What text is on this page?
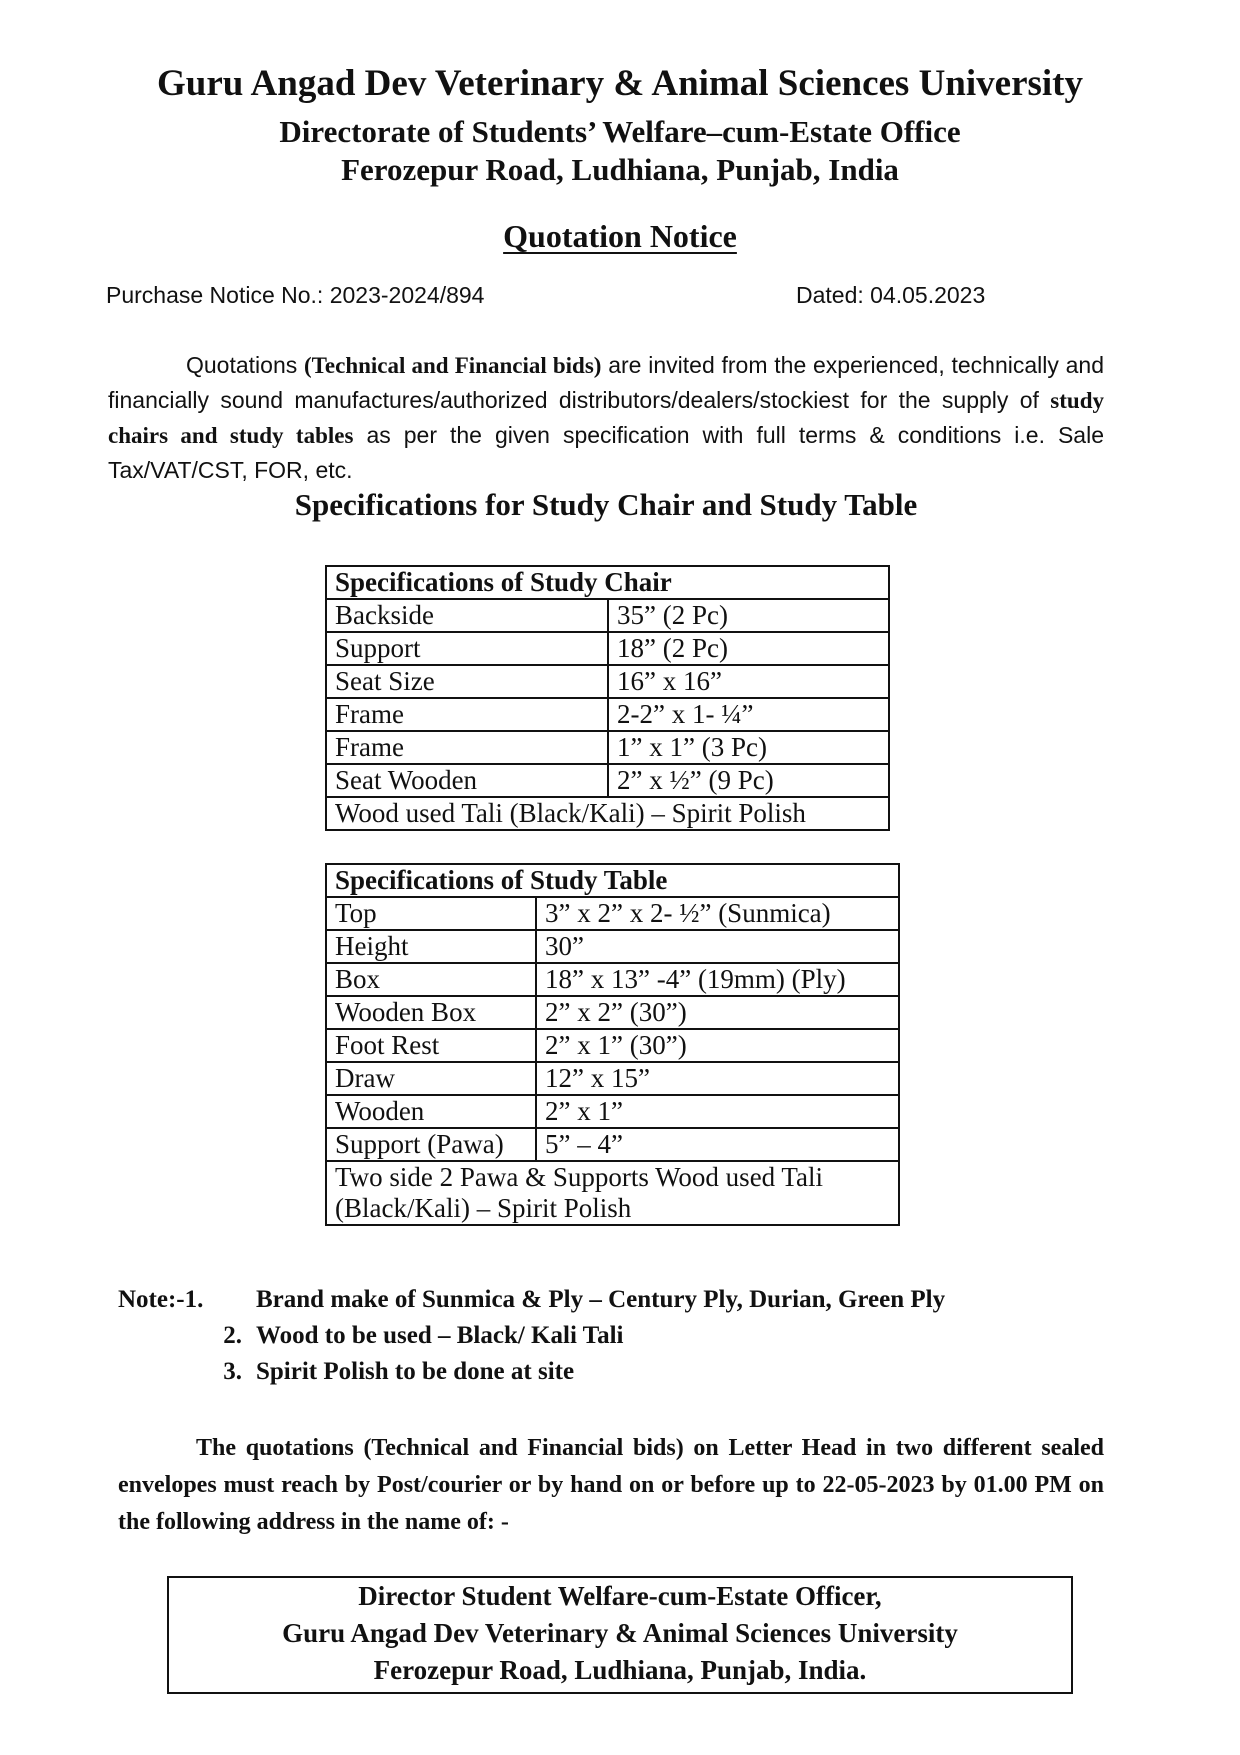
Guru Angad Dev Veterinary & Animal Sciences University
Directorate of Students’ Welfare–cum-Estate Office
Ferozepur Road, Ludhiana, Punjab, India
Quotation Notice
Purchase Notice No.: 2023-2024/894	Dated: 04.05.2023
Quotations (Technical and Financial bids) are invited from the experienced, technically and financially sound manufactures/authorized distributors/dealers/stockiest for the supply of study chairs and study tables as per the given specification with full terms & conditions i.e. Sale Tax/VAT/CST, FOR, etc.
Specifications for Study Chair and Study Table
Specifications of Study Chair	
Backside	35” (2 Pc)
Support	18” (2 Pc)
Seat Size	16” x 16”
Frame	2-2” x 1- ¼”
Frame	1” x 1” (3 Pc)
Seat Wooden	2” x ½” (9 Pc)
Wood used Tali (Black/Kali) – Spirit Polish	
Specifications of Study Table	
Top	3” x 2” x 2- ½” (Sunmica)
Height	30”
Box	18” x 13” -4” (19mm) (Ply)
Wooden Box	2” x 2” (30”)
Foot Rest	2” x 1” (30”)
Draw	12” x 15”
Wooden	2” x 1”
Support (Pawa)	5” – 4”
Two side 2 Pawa & Supports Wood used Tali (Black/Kali) – Spirit Polish	
Note:-1. Brand make of Sunmica & Ply – Century Ply, Durian, Green Ply
2. Wood to be used – Black/ Kali Tali
3. Spirit Polish to be done at site
The quotations (Technical and Financial bids) on Letter Head in two different sealed envelopes must reach by Post/courier or by hand on or before up to 22-05-2023 by 01.00 PM on the following address in the name of: -
Director Student Welfare-cum-Estate Officer,
Guru Angad Dev Veterinary & Animal Sciences University
Ferozepur Road, Ludhiana, Punjab, India.
